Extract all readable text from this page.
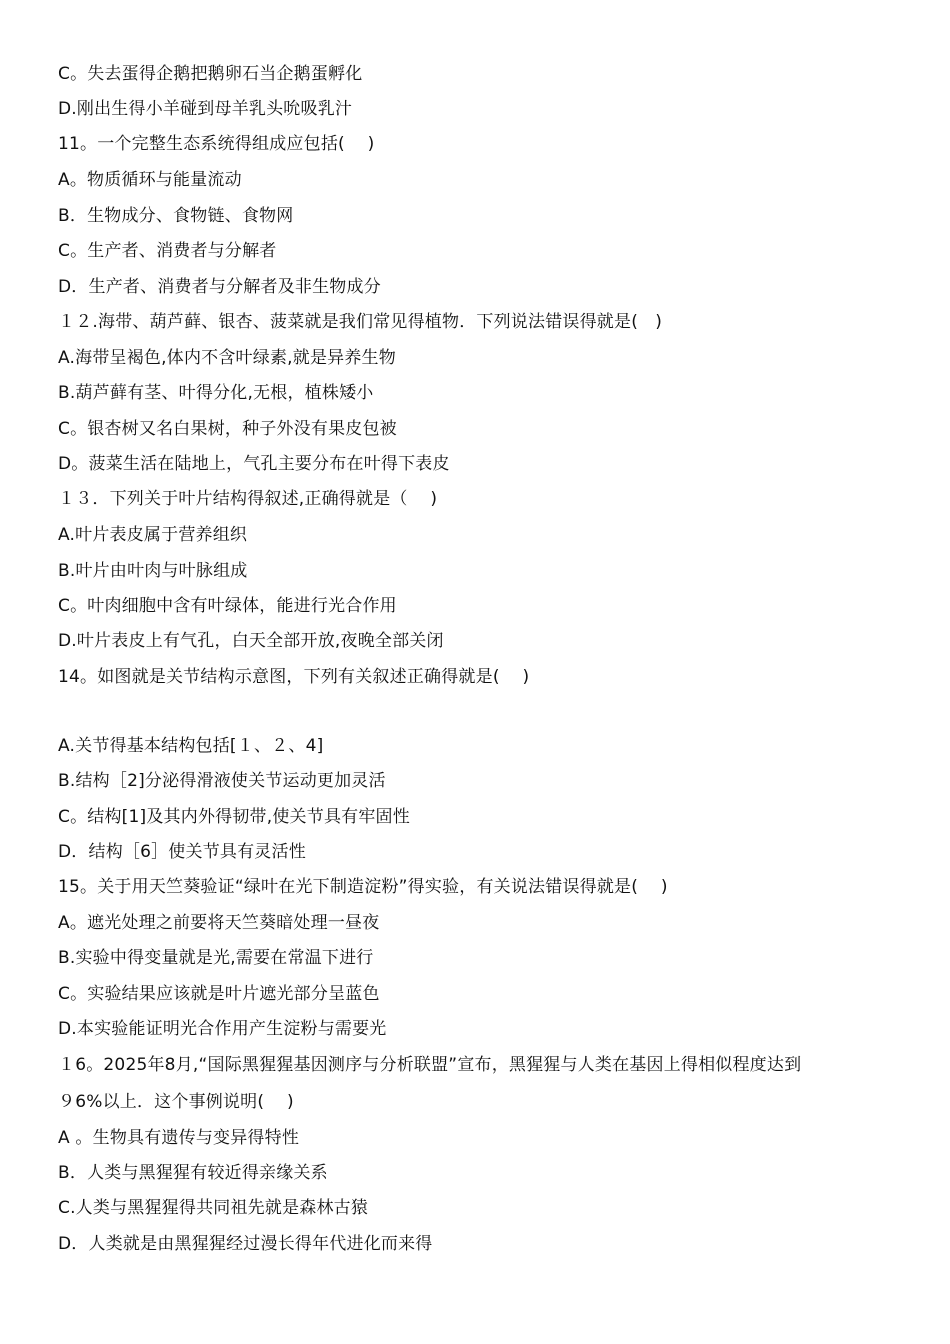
C。失去蛋得企鹅把鹅卵石当企鹅蛋孵化
D.刚出生得小羊碰到母羊乳头吮吸乳汁
11。一个完整生态系统得组成应包括(　 )
A。物质循环与能量流动
B．生物成分、食物链、食物网
C。生产者、消费者与分解者
D．生产者、消费者与分解者及非生物成分
１２.海带、葫芦藓、银杏、菠菜就是我们常见得植物．下列说法错误得就是(　)
A.海带呈褐色,体内不含叶绿素,就是异养生物
B.葫芦藓有茎、叶得分化,无根，植株矮小
C。银杏树又名白果树，种子外没有果皮包被
D。菠菜生活在陆地上，气孔主要分布在叶得下表皮
１３．下列关于叶片结构得叙述,正确得就是（　 )
A.叶片表皮属于营养组织
B.叶片由叶肉与叶脉组成
C。叶肉细胞中含有叶绿体，能进行光合作用
D.叶片表皮上有气孔，白天全部开放,夜晚全部关闭
14。如图就是关节结构示意图，下列有关叙述正确得就是(　 )
A.关节得基本结构包括[１、２、4]
B.结构［2]分泌得滑液使关节运动更加灵活
C。结构[1]及其内外得韧带,使关节具有牢固性
D．结构［6］使关节具有灵活性
15。关于用天竺葵验证“绿叶在光下制造淀粉”得实验，有关说法错误得就是(　 )
A。遮光处理之前要将天竺葵暗处理一昼夜
B.实验中得变量就是光,需要在常温下进行
C。实验结果应该就是叶片遮光部分呈蓝色
D.本实验能证明光合作用产生淀粉与需要光
１6。2025年8月,“国际黑猩猩基因测序与分析联盟”宣布，黑猩猩与人类在基因上得相似程度达到
９6%以上．这个事例说明(　 )
A 。生物具有遗传与变异得特性
B．人类与黑猩猩有较近得亲缘关系
C.人类与黑猩猩得共同祖先就是森林古猿
D．人类就是由黑猩猩经过漫长得年代进化而来得
